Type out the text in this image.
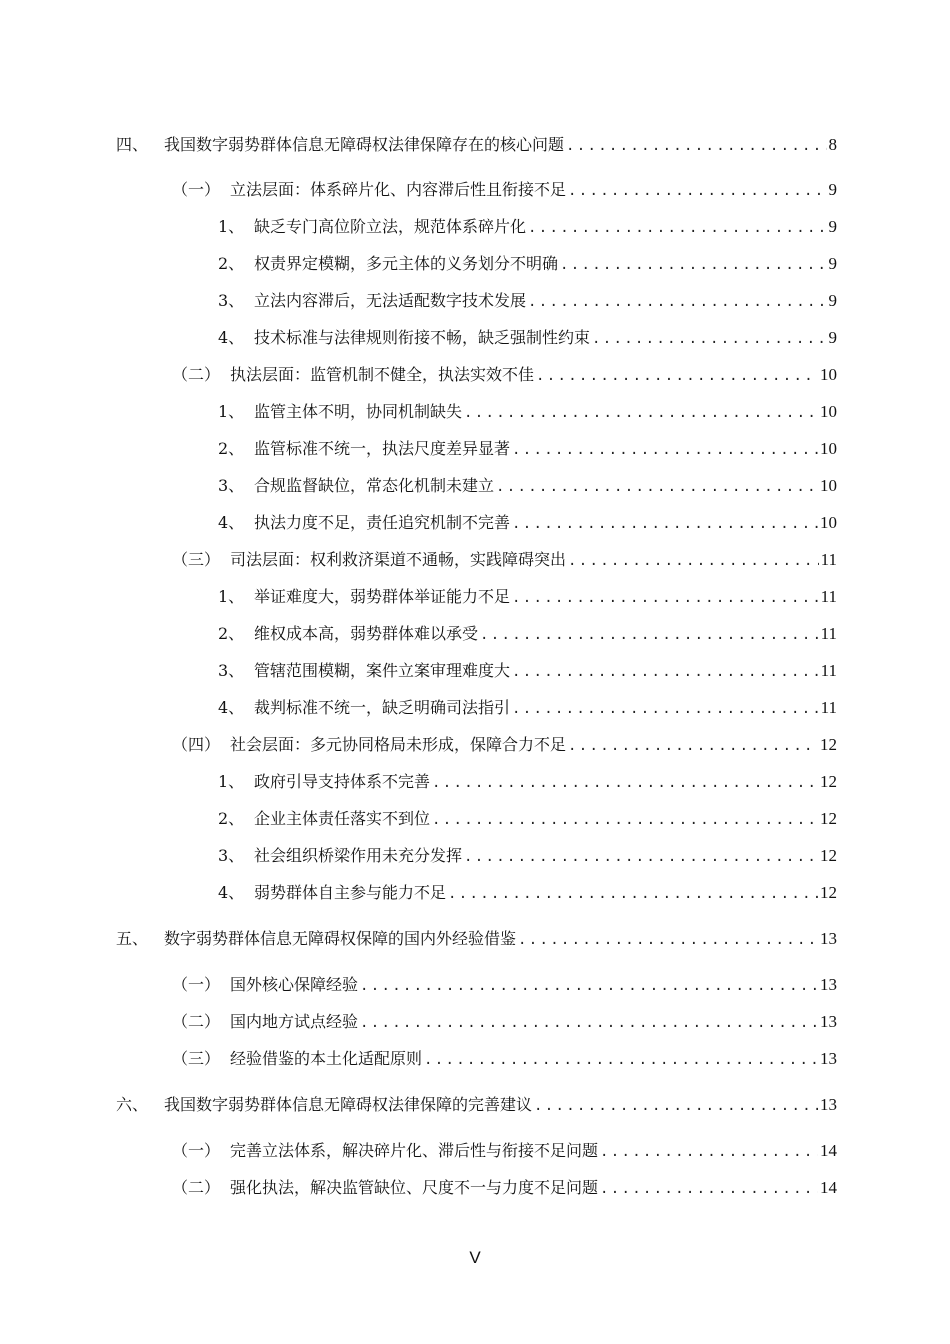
四、 我国数字弱势群体信息无障碍权法律保障存在的核心问题 .....	8
（一） 立法层面：体系碎片化、内容滞后性且衔接不足 .....	9
1、 缺乏专门高位阶立法，规范体系碎片化 .....	9
2、 权责界定模糊，多元主体的义务划分不明确 .....	9
3、 立法内容滞后，无法适配数字技术发展 .....	9
4、 技术标准与法律规则衔接不畅，缺乏强制性约束 .....	9
（二） 执法层面：监管机制不健全，执法实效不佳 .....	10
1、 监管主体不明，协同机制缺失 .....	10
2、 监管标准不统一，执法尺度差异显著 .....	10
3、 合规监督缺位，常态化机制未建立 .....	10
4、 执法力度不足，责任追究机制不完善 .....	10
（三） 司法层面：权利救济渠道不通畅，实践障碍突出 .....	11
1、 举证难度大，弱势群体举证能力不足 .....	11
2、 维权成本高，弱势群体难以承受 .....	11
3、 管辖范围模糊，案件立案审理难度大 .....	11
4、 裁判标准不统一，缺乏明确司法指引 .....	11
（四） 社会层面：多元协同格局未形成，保障合力不足 .....	12
1、 政府引导支持体系不完善 .....	12
2、 企业主体责任落实不到位 .....	12
3、 社会组织桥梁作用未充分发挥 .....	12
4、 弱势群体自主参与能力不足 .....	12
五、 数字弱势群体信息无障碍权保障的国内外经验借鉴 .....	13
（一） 国外核心保障经验 .....	13
（二） 国内地方试点经验 .....	13
（三） 经验借鉴的本土化适配原则 .....	13
六、 我国数字弱势群体信息无障碍权法律保障的完善建议 .....	13
（一） 完善立法体系，解决碎片化、滞后性与衔接不足问题 .....	14
（二） 强化执法，解决监管缺位、尺度不一与力度不足问题 .....	14
V
